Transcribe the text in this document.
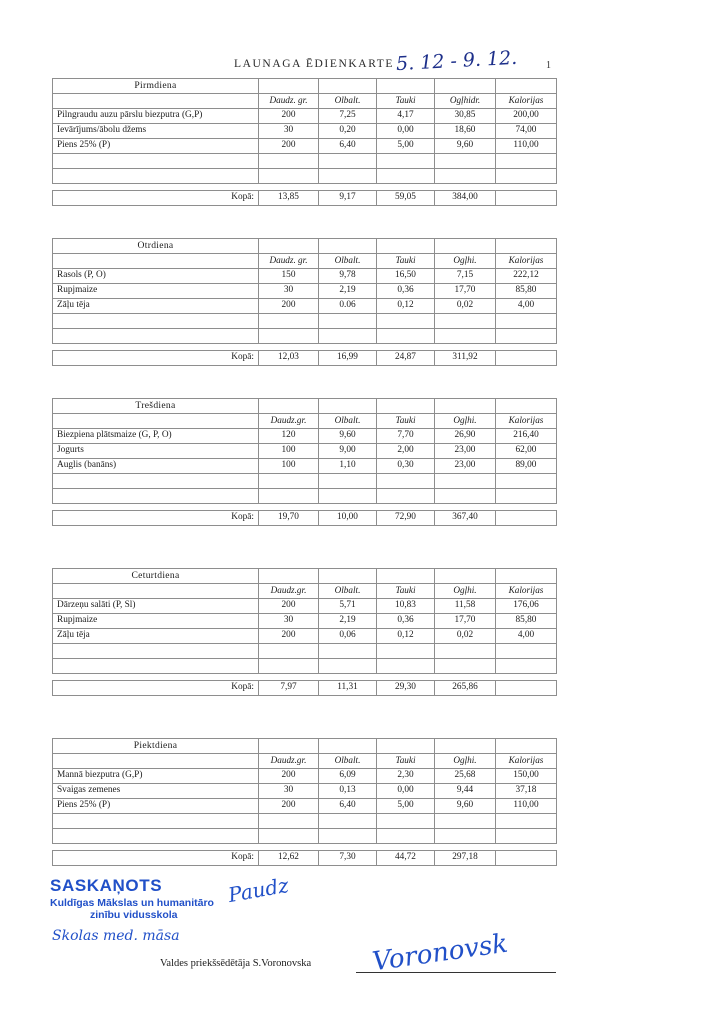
LAUNAGA ĒDIENKARTE 5. 12 - 9. 12.	1
Pirmdiena					
	Daudz. gr.	Olbalt.	Tauki	Ogļhidr.	Kalorijas
Pilngraudu auzu pārslu biezputra (G,P)	200	7,25	4,17	30,85	200,00
Ievārījums/ābolu džems	30	0,20	0,00	18,60	74,00
Piens 25% (P)	200	6,40	5,00	9,60	110,00

Kopā:	13,85	9,17	59,05	384,00	
Otrdiena					
	Daudz. gr.	Olbalt.	Tauki	Ogļhi.	Kalorijas
Rasols (P, O)	150	9,78	16,50	7,15	222,12
Rupjmaize	30	2,19	0,36	17,70	85,80
Zāļu tēja	200	0.06	0,12	0,02	4,00

Kopā:	12,03	16,99	24,87	311,92	
Trešdiena					
	Daudz.gr.	Olbalt.	Tauki	Ogļhi.	Kalorijas
Biezpiena plātsmaize (G, P, O)	120	9,60	7,70	26,90	216,40
Jogurts	100	9,00	2,00	23,00	62,00
Auglis (banāns)	100	1,10	0,30	23,00	89,00

Kopā:	19,70	10,00	72,90	367,40	
Ceturtdiena					
	Daudz.gr.	Olbalt.	Tauki	Ogļhi.	Kalorijas
Dārzeņu salāti (P, Sl)	200	5,71	10,83	11,58	176,06
Rupjmaize	30	2,19	0,36	17,70	85,80
Zāļu tēja	200	0,06	0,12	0,02	4,00

Kopā:	7,97	11,31	29,30	265,86	
Piektdiena					
	Daudz.gr.	Olbalt.	Tauki	Ogļhi.	Kalorijas
Mannā biezputra (G,P)	200	6,09	2,30	25,68	150,00
Svaigas zemenes	30	0,13	0,00	9,44	37,18
Piens 25% (P)	200	6,40	5,00	9,60	110,00

Kopā:	12,62	7,30	44,72	297,18	
SASKAŅOTS
Kuldīgas Mākslas un humanitāro
zinību vidusskola
Skolas med. māsa
Paudz
Valdes priekšsēdētāja S.Voronovska	Voronovsk
